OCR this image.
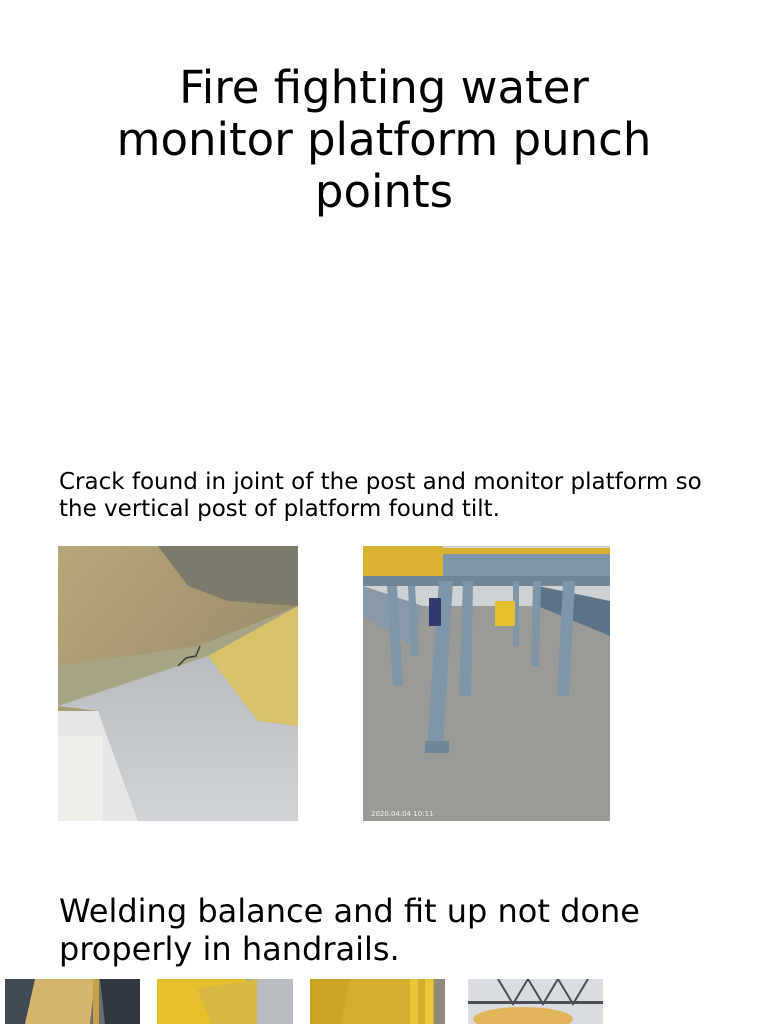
Fire fighting water monitor platform punch points

Crack found in joint of the post and monitor platform so the vertical post of platform found tilt.

2020.04.04 10:11

Welding balance and fit up not done properly in handrails.
